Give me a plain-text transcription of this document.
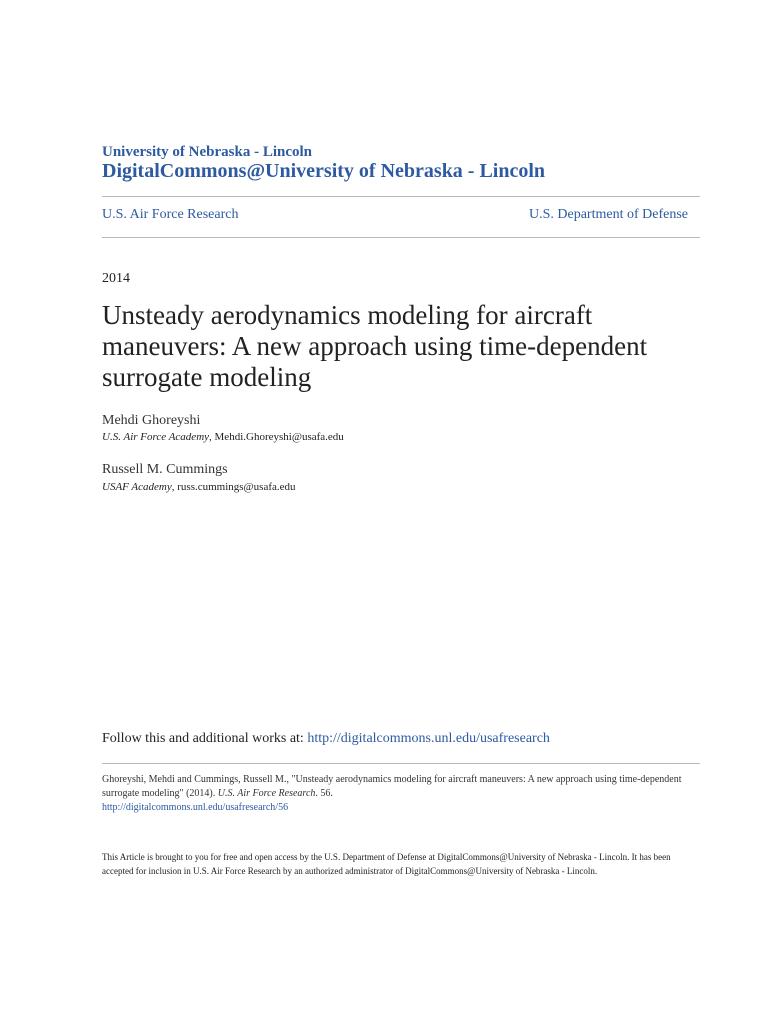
University of Nebraska - Lincoln
DigitalCommons@University of Nebraska - Lincoln
U.S. Air Force Research	U.S. Department of Defense
2014
Unsteady aerodynamics modeling for aircraft maneuvers: A new approach using time-dependent surrogate modeling
Mehdi Ghoreyshi
U.S. Air Force Academy, Mehdi.Ghoreyshi@usafa.edu
Russell M. Cummings
USAF Academy, russ.cummings@usafa.edu
Follow this and additional works at: http://digitalcommons.unl.edu/usafresearch
Ghoreyshi, Mehdi and Cummings, Russell M., "Unsteady aerodynamics modeling for aircraft maneuvers: A new approach using time-dependent surrogate modeling" (2014). U.S. Air Force Research. 56.
http://digitalcommons.unl.edu/usafresearch/56
This Article is brought to you for free and open access by the U.S. Department of Defense at DigitalCommons@University of Nebraska - Lincoln. It has been accepted for inclusion in U.S. Air Force Research by an authorized administrator of DigitalCommons@University of Nebraska - Lincoln.
